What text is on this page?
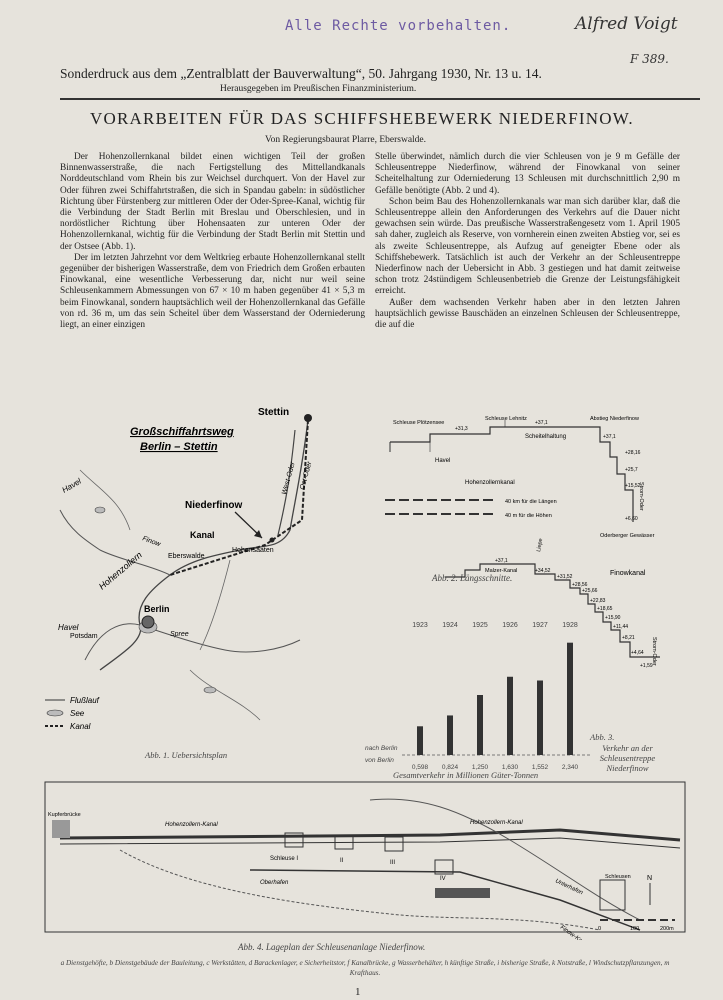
Alle Rechte vorbehalten.	Alfred Voigt
F 389.
Sonderdruck aus dem „Zentralblatt der Bauverwaltung“, 50. Jahrgang 1930, Nr. 13 u. 14.
Herausgegeben im Preußischen Finanzministerium.
VORARBEITEN FÜR DAS SCHIFFSHEBEWERK NIEDERFINOW.
Von Regierungsbaurat Plarre, Eberswalde.

Der Hohenzollernkanal bildet einen wichtigen Teil der großen Binnenwasserstraße, die nach Fertigstellung des Mittellandkanals Norddeutschland vom Rhein bis zur Weichsel durchquert. Von der Havel zur Oder führen zwei Schiffahrtstraßen, die sich in Spandau gabeln: in südöstlicher Richtung über Fürstenberg zur mittleren Oder der Oder-Spree-Kanal, wichtig für die Verbindung der Stadt Berlin mit Breslau und Oberschlesien, und in nordöstlicher Richtung über Hohensaaten zur unteren Oder der Hohenzollernkanal, wichtig für die Verbindung der Stadt Berlin mit Stettin und der Ostsee (Abb. 1).

Der im letzten Jahrzehnt vor dem Weltkrieg erbaute Hohenzollernkanal stellt gegenüber der bisherigen Wasserstraße, dem von Friedrich dem Großen erbauten Finowkanal, eine wesentliche Verbesserung dar, nicht nur weil seine Schleusenkammern Abmessungen von 67 × 10 m haben gegenüber 41 × 5,3 m beim Finowkanal, sondern hauptsächlich weil der Hohenzollernkanal das Gefälle von rd. 36 m, um das sein Scheitel über dem Wasserstand der Oderniederung liegt, an einer einzigen

Stelle überwindet, nämlich durch die vier Schleusen von je 9 m Gefälle der Schleusentreppe Niederfinow, während der Finowkanal von seiner Scheitelhaltung zur Oderniederung 13 Schleusen mit durchschnittlich 2,90 m Gefälle benötigte (Abb. 2 und 4).

Schon beim Bau des Hohenzollernkanals war man sich darüber klar, daß die Schleusentreppe allein den Anforderungen des Verkehrs auf die Dauer nicht gewachsen sein würde. Das preußische Wasserstraßengesetz vom 1. April 1905 sah daher, zugleich als Reserve, von vornherein einen zweiten Abstieg vor, sei es als zweite Schleusentreppe, als Aufzug auf geneigter Ebene oder als Schiffshebewerk. Tatsächlich ist auch der Verkehr an der Schleusentreppe Niederfinow nach der Uebersicht in Abb. 3 gestiegen und hat damit zeitweise schon trotz 24stündigem Schleusenbetrieb die Grenze der Leistungsfähigkeit erreicht.

Außer dem wachsenden Verkehr haben aber in den letzten Jahren hauptsächlich gewisse Bauschäden an einzelnen Schleusen der Schleusentreppe, die auf die

Großschiffahrtsweg
Berlin – Stettin
Stettin
Niederfinow
Kanal
Hohensaaten
Eberswalde
Berlin
Potsdam
Havel
Havel
Spree
West-Oder Ost-Oder
Finow
Hohenzollern
Flußlauf
See
Kanal
Abb. 1. Uebersichtsplan
Schleuse Plötzensee
Schleuse Lehnitz	Abstieg Niederfinow
Havel
Scheitelhaltung
Hohenzollernkanal
40 km für die Längen
40 m für die Höhen
Oderberger Gewässer
Strom-Oder
Finowkanal
Malzer-Kanal
Liepe
Strom-Oder
+31,3
+37,1
+37,1
+28,16
+25,7
+15,52
+6,60
+37,1
+34,52
+31,52
+28,56
+25,66
+22,83
+18,65
+15,90
+11,44
+8,21
+4,64
+1,59
Abb. 2. Längsschnitte.
1923
0,598
1924
0,824
1925
1,250
1926
1,630
1927
1,552
1928
2,340
nach Berlin
von Berlin
Gesamtverkehr in Millionen Güter-Tonnen
Abb. 3.
Verkehr an der Schleusentreppe Niederfinow
Hohenzollern-Kanal	Hohenzollern-Kanal
Schleuse I	II	III
IV
Oberhafen	Unterhafen
Finow-Kanal
Kupferbrücke
Schleusen N
0	100	200m
Abb. 4. Lageplan der Schleusenanlage Niederfinow.
a Dienstgehöfte, b Dienstgebäude der Bauleitung, c Werkstätten, d Barackenlager, e Sicherheitstor, f Kanalbrücke, g Wasserbehälter, h künftige Straße, i bisherige Straße, k Notstraße, l Windschutzpflanzungen, m Krafthaus.
1
